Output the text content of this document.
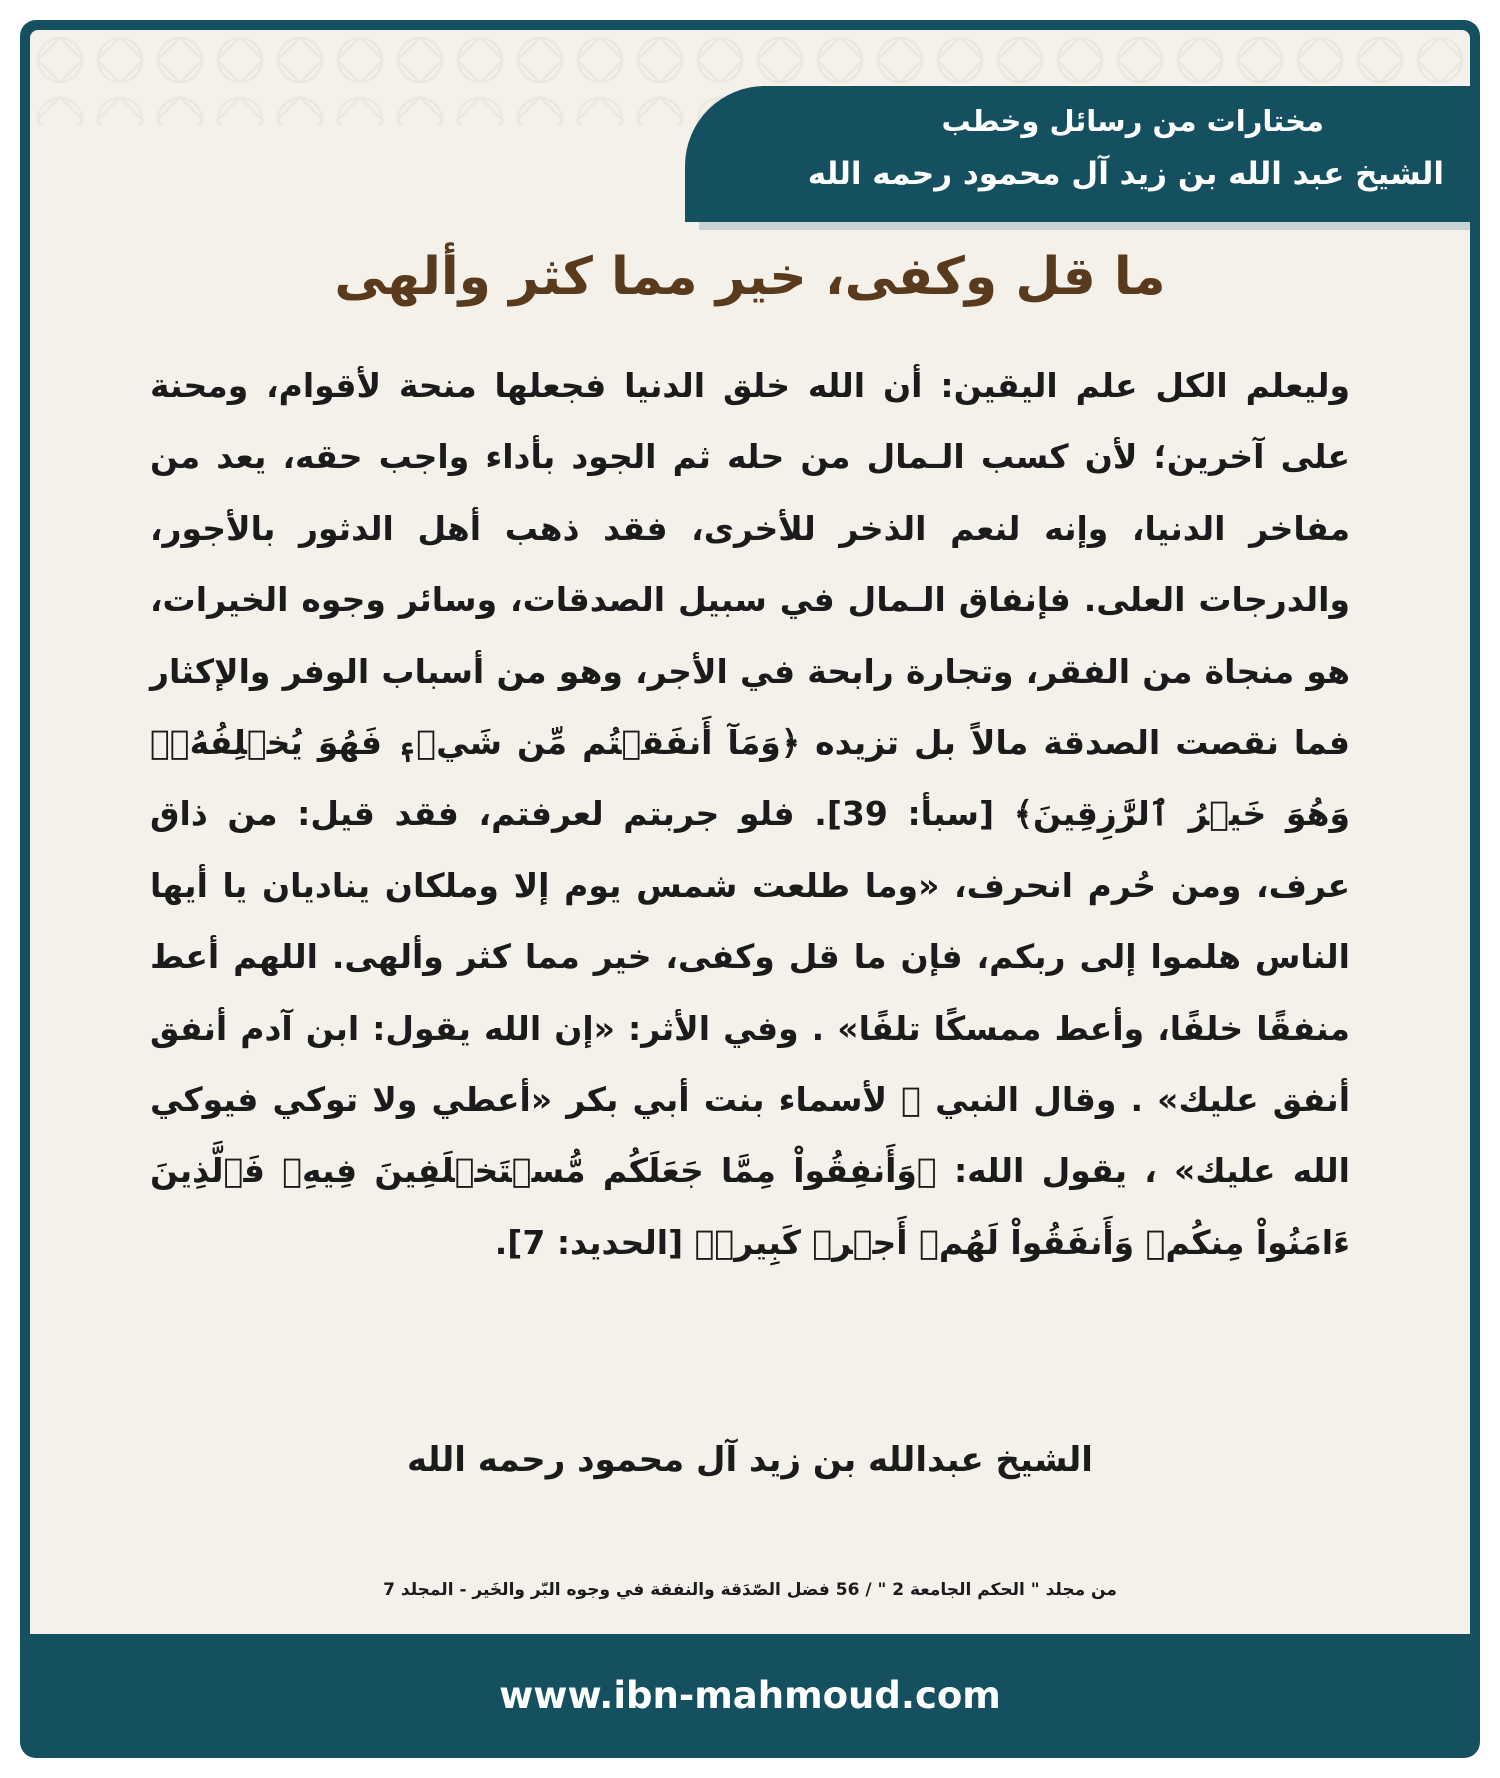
مختارات من رسائل وخطب
الشيخ عبد الله بن زيد آل محمود رحمه الله
ما قل وكفى، خير مما كثر وألهى
وليعلم الكل علم اليقين: أن الله خلق الدنيا فجعلها منحة لأقوام، ومحنة على آخرين؛ لأن كسب الـمال من حله ثم الجود بأداء واجب حقه، يعد من مفاخر الدنيا، وإنه لنعم الذخر للأخرى، فقد ذهب أهل الدثور بالأجور، والدرجات العلى. فإنفاق الـمال في سبيل الصدقات، وسائر وجوه الخيرات، هو منجاة من الفقر، وتجارة رابحة في الأجر، وهو من أسباب الوفر والإكثار فما نقصت الصدقة مالاً بل تزيده ﴿وَمَآ أَنفَقۡتُم مِّن شَيۡءٖ فَهُوَ يُخۡلِفُهُۥۖ وَهُوَ خَيۡرُ ٱلرَّٰزِقِينَ﴾ [سبأ: 39]. فلو جربتم لعرفتم، فقد قيل: من ذاق عرف، ومن حُرم انحرف، «وما طلعت شمس يوم إلا وملكان يناديان يا أيها الناس هلموا إلى ربكم، فإن ما قل وكفى، خير مما كثر وألهى. اللهم أعط منفقًا خلفًا، وأعط ممسكًا تلفًا» . وفي الأثر: «إن الله يقول: ابن آدم أنفق أنفق عليك» . وقال النبي ﷺ لأسماء بنت أبي بكر «أعطي ولا توكي فيوكي الله عليك» ، يقول الله: ﴿وَأَنفِقُواْ مِمَّا جَعَلَكُم مُّسۡتَخۡلَفِينَ فِيهِۖ فَٱلَّذِينَ ءَامَنُواْ مِنكُمۡ وَأَنفَقُواْ لَهُمۡ أَجۡرٞ كَبِيرٞ﴾ [الحديد: 7].
الشيخ عبدالله بن زيد آل محمود رحمه الله
من مجلد " الحكم الجامعة 2 " / 56 فضل الصّدَقة والنفقة في وجوه البّر والخَير - المجلد 7
www.ibn-mahmoud.com
